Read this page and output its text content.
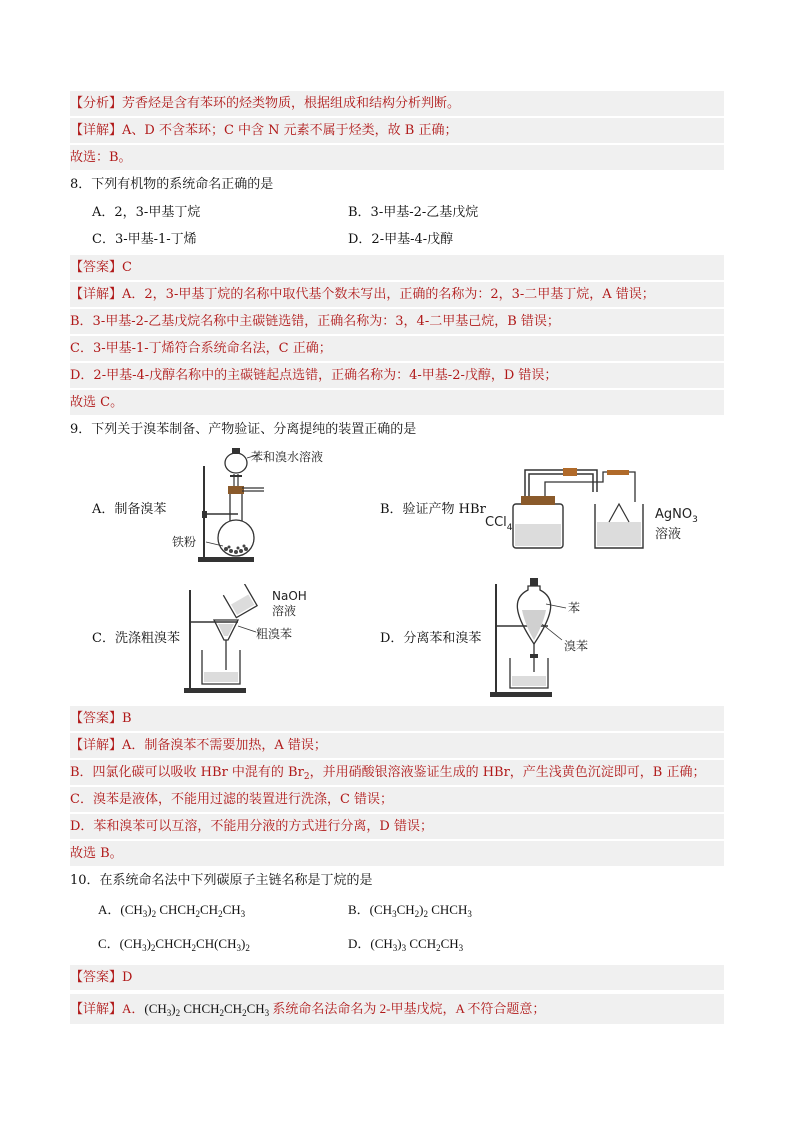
【分析】芳香烃是含有苯环的烃类物质，根据组成和结构分析判断。
【详解】A、D 不含苯环；C 中含 N 元素不属于烃类，故 B 正确；
故选：B。
8．下列有机物的系统命名正确的是
A．2，3-甲基丁烷	B．3-甲基-2-乙基戊烷
C．3-甲基-1-丁烯	D．2-甲基-4-戊醇
【答案】C
【详解】A．2，3-甲基丁烷的名称中取代基个数未写出，正确的名称为：2，3-二甲基丁烷，A 错误；
B．3-甲基-2-乙基戊烷名称中主碳链选错，正确名称为：3，4-二甲基己烷，B 错误；
C．3-甲基-1-丁烯符合系统命名法，C 正确；
D．2-甲基-4-戊醇名称中的主碳链起点选错，正确名称为：4-甲基-2-戊醇，D 错误；
故选 C。
9．下列关于溴苯制备、产物验证、分离提纯的装置正确的是
A．制备溴苯	B．验证产物 HBr
C．洗涤粗溴苯	D．分离苯和溴苯
苯和溴水溶液
铁粉
CCl$_4$
AgNO$_3$
溶液
NaOH
溶液
粗溴苯
苯
溴苯
【答案】B
【详解】A．制备溴苯不需要加热，A 错误；
B．四氯化碳可以吸收 HBr 中混有的 $Br_2$，并用硝酸银溶液鉴证生成的 HBr，产生浅黄色沉淀即可，B 正确；
C．溴苯是液体，不能用过滤的装置进行洗涤，C 错误；
D．苯和溴苯可以互溶，不能用分液的方式进行分离，D 错误；
故选 B。
10．在系统命名法中下列碳原子主链名称是丁烷的是
A．$(CH_3)_2$ $CHCH_2CH_2CH_3$	B．$(CH_3CH_2)_2$ $CHCH_3$
C．$(CH_3)_2CHCH_2CH(CH_3)_2$	D．$(CH_3)_3$ $CCH_2CH_3$
【答案】D
【详解】A．$(CH_3)_2$ $CHCH_2CH_2CH_3$ 系统命名法命名为 2-甲基戊烷，A 不符合题意；
